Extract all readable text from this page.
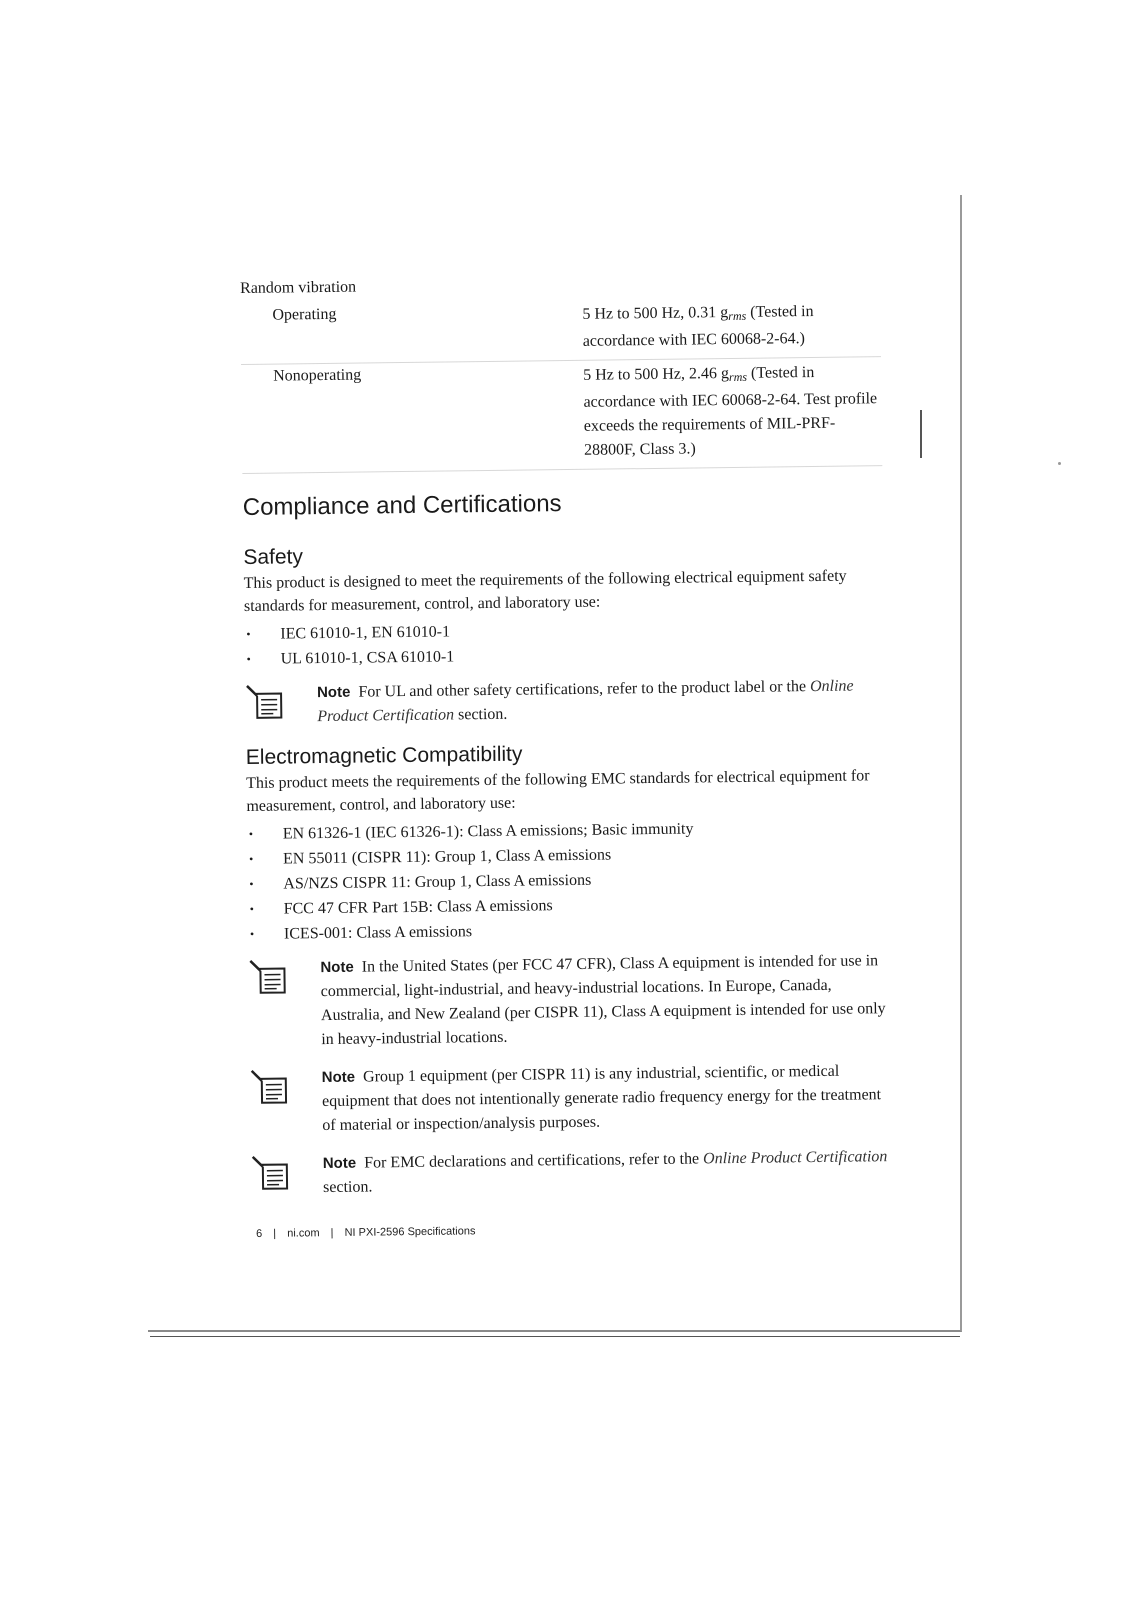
Random vibration
Operating	5 Hz to 500 Hz, 0.31 grms (Tested in accordance with IEC 60068-2-64.)
Nonoperating	5 Hz to 500 Hz, 2.46 grms (Tested in accordance with IEC 60068-2-64. Test profile exceeds the requirements of MIL-PRF-28800F, Class 3.)
Compliance and Certifications
Safety

This product is designed to meet the requirements of the following electrical equipment safety standards for measurement, control, and laboratory use:

• IEC 61010-1, EN 61010-1
• UL 61010-1, CSA 61010-1
Note For UL and other safety certifications, refer to the product label or the Online Product Certification section.
Electromagnetic Compatibility

This product meets the requirements of the following EMC standards for electrical equipment for measurement, control, and laboratory use:

• EN 61326-1 (IEC 61326-1): Class A emissions; Basic immunity
• EN 55011 (CISPR 11): Group 1, Class A emissions
• AS/NZS CISPR 11: Group 1, Class A emissions
• FCC 47 CFR Part 15B: Class A emissions
• ICES-001: Class A emissions
Note In the United States (per FCC 47 CFR), Class A equipment is intended for use in commercial, light-industrial, and heavy-industrial locations. In Europe, Canada, Australia, and New Zealand (per CISPR 11), Class A equipment is intended for use only in heavy-industrial locations.
Note Group 1 equipment (per CISPR 11) is any industrial, scientific, or medical equipment that does not intentionally generate radio frequency energy for the treatment of material or inspection/analysis purposes.
Note For EMC declarations and certifications, refer to the Online Product Certification section.
6 | ni.com | NI PXI-2596 Specifications
